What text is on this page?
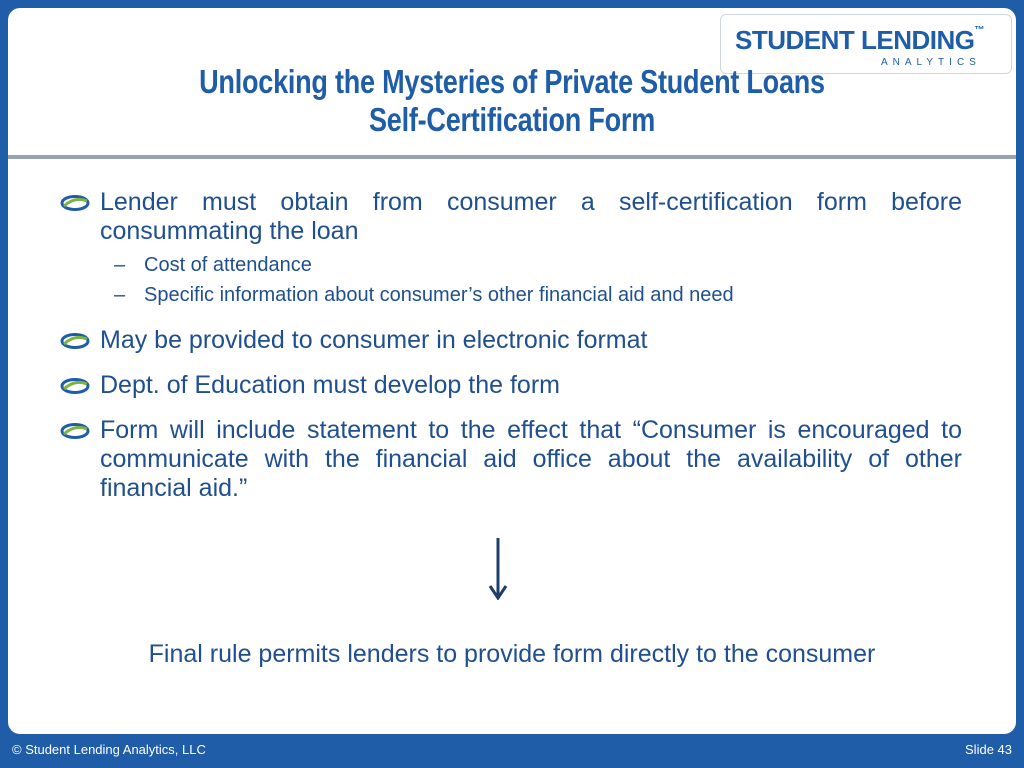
STUDENT LENDING™
ANALYTICS
Unlocking the Mysteries of Private Student Loans
Self-Certification Form
Lender must obtain from consumer a self-certification form before consummating the loan
– Cost of attendance
– Specific information about consumer’s other financial aid and need
May be provided to consumer in electronic format
Dept. of Education must develop the form
Form will include statement to the effect that “Consumer is encouraged to communicate with the financial aid office about the availability of other financial aid.”
Final rule permits lenders to provide form directly to the consumer
© Student Lending Analytics, LLC	Slide 43
